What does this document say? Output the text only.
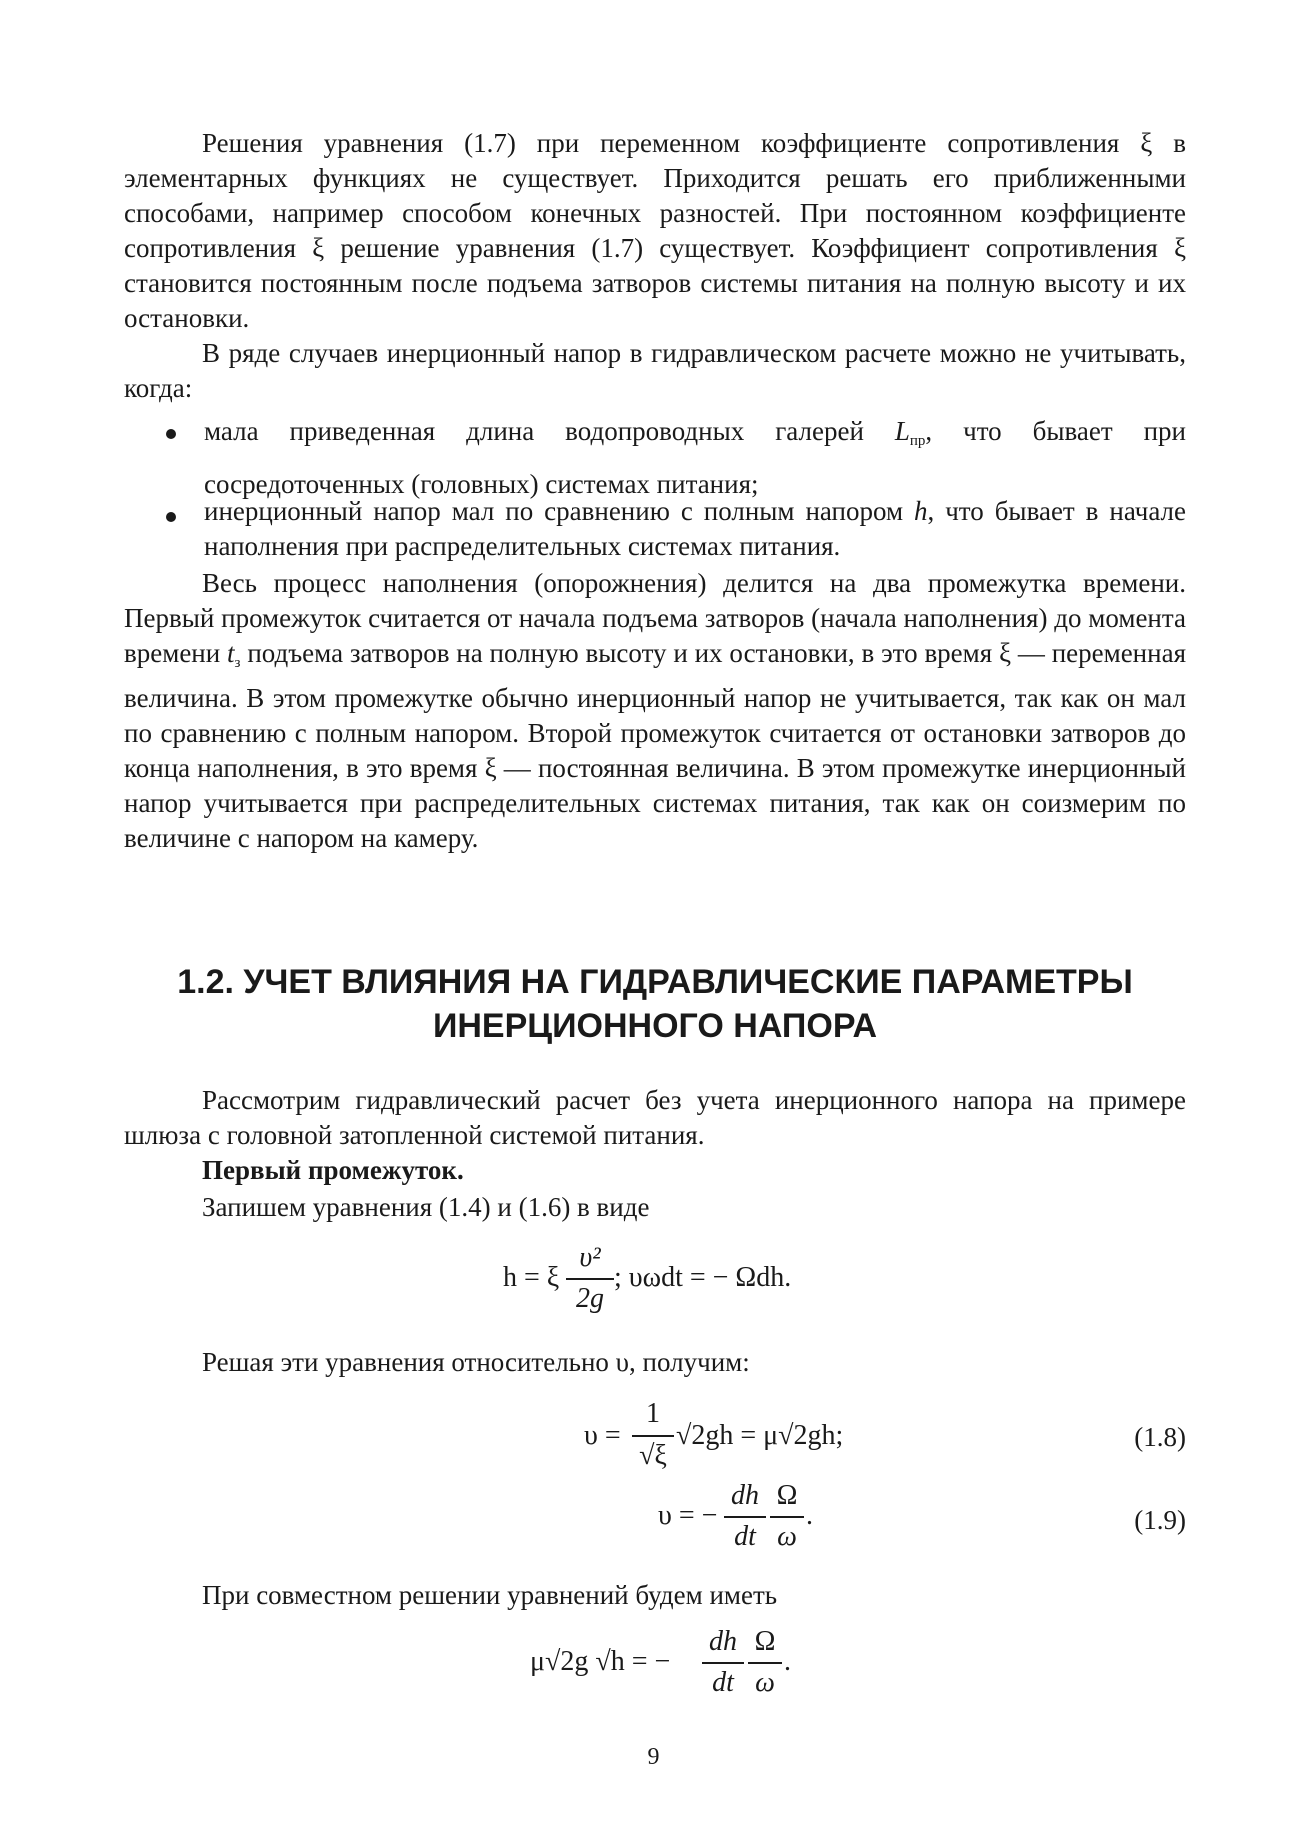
Решения уравнения (1.7) при переменном коэффициенте сопротивления ξ в элементарных функциях не существует. Приходится решать его приближенными способами, например способом конечных разностей. При постоянном коэффициенте сопротивления ξ решение уравнения (1.7) существует. Коэффициент сопротивления ξ становится постоянным после подъема затворов системы питания на полную высоту и их остановки.

В ряде случаев инерционный напор в гидравлическом расчете можно не учитывать, когда:

мала приведенная длина водопроводных галерей $L_{пр}$, что бывает при сосредоточенных (головных) системах питания;

инерционный напор мал по сравнению с полным напором h, что бывает в начале наполнения при распределительных системах питания.

Весь процесс наполнения (опорожнения) делится на два промежутка времени. Первый промежуток считается от начала подъема затворов (начала наполнения) до момента времени $t_з$ подъема затворов на полную высоту и их остановки, в это время ξ — переменная величина. В этом промежутке обычно инерционный напор не учитывается, так как он мал по сравнению с полным напором. Второй промежуток считается от остановки затворов до конца наполнения, в это время ξ — постоянная величина. В этом промежутке инерционный напор учитывается при распределительных системах питания, так как он соизмерим по величине с напором на камеру.

1.2. УЧЕТ ВЛИЯНИЯ НА ГИДРАВЛИЧЕСКИЕ ПАРАМЕТРЫ
ИНЕРЦИОННОГО НАПОРА

Рассмотрим гидравлический расчет без учета инерционного напора на примере шлюза с головной затопленной системой питания.

Первый промежуток.
Запишем уравнения (1.4) и (1.6) в виде
h = ξ
υ²
2g
; υωdt = − Ωdh.
Решая эти уравнения относительно υ, получим:
υ =
1
√ξ
√2gh = μ√2gh;	(1.8)
υ = −
dh
dt
Ω
ω
.	(1.9)
При совместном решении уравнений будем иметь
μ√2g √h = −
dh
dt
Ω
ω
.
9
